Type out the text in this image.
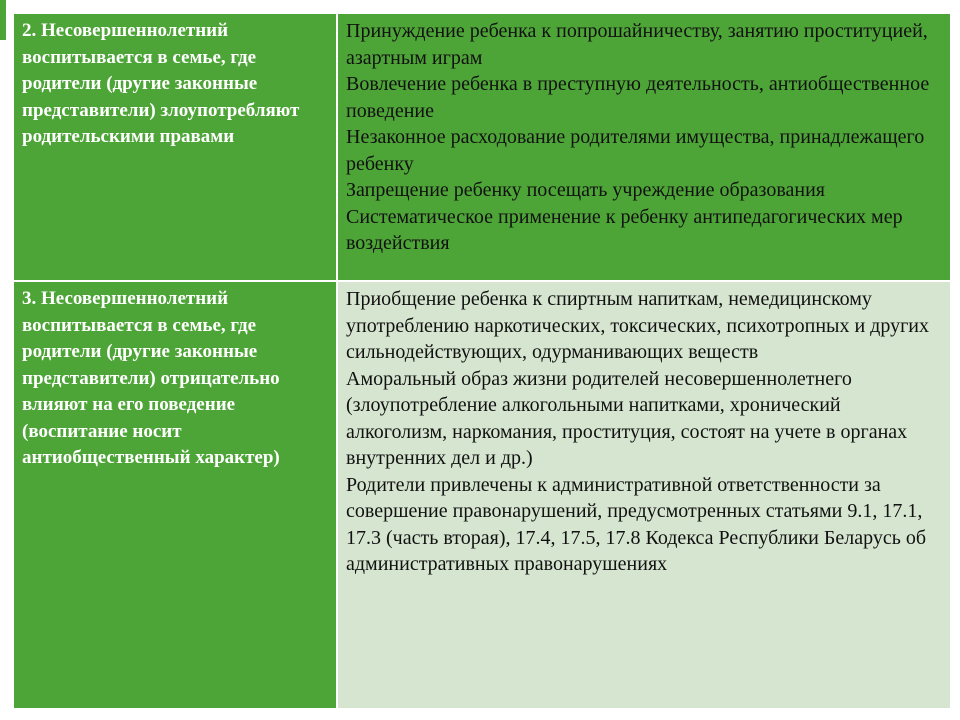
2. Несовершеннолетний воспитывается в семье, где родители (другие законные представители) злоупотребляют родительскими правами	Принуждение ребенка к попрошайничеству, занятию проституцией, азартным играм
Вовлечение ребенка в преступную деятельность, антиобщественное поведение
Незаконное расходование родителями имущества, принадлежащего ребенку
Запрещение ребенку посещать учреждение образования
Систематическое применение к ребенку антипедагогических мер воздействия

3. Несовершеннолетний воспитывается в семье, где родители (другие законные представители) отрицательно влияют на его поведение (воспитание носит антиобщественный характер)	Приобщение ребенка к спиртным напиткам, немедицинскому употреблению наркотических, токсических, психотропных и других сильнодействующих, одурманивающих веществ
Аморальный образ жизни родителей несовершеннолетнего (злоупотребление алкогольными напитками, хронический алкоголизм, наркомания, проституция, состоят на учете в органах внутренних дел и др.)
Родители привлечены к административной ответственности за совершение правонарушений, предусмотренных статьями 9.1, 17.1, 17.3 (часть вторая), 17.4, 17.5, 17.8 Кодекса Республики Беларусь об административных правонарушениях
